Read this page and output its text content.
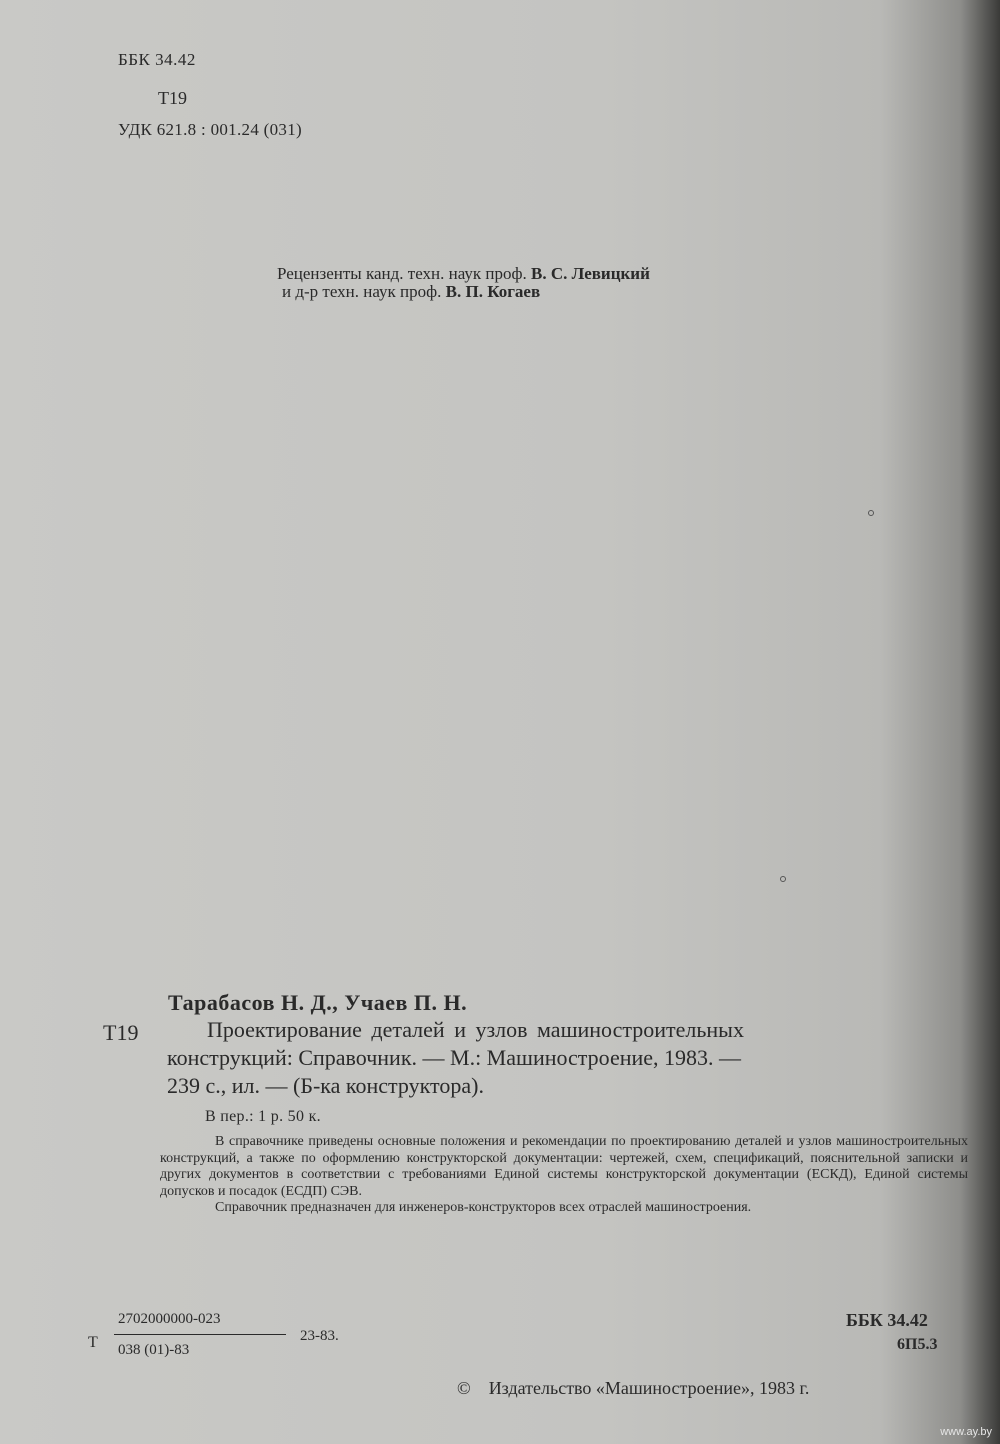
ББК 34.42
Т19
УДК 621.8 : 001.24 (031)
Рецензенты канд. техн. наук проф. В. С. Левицкий
и д-р техн. наук проф. В. П. Когаев
Тарабасов Н. Д., Учаев П. Н.
Т19	Проектирование деталей и узлов машиностроительных
конструкций: Справочник. — М.: Машиностроение, 1983. —
239 с., ил. — (Б-ка конструктора).
В пер.: 1 р. 50 к.

В справочнике приведены основные положения и рекомендации по проектированию деталей и узлов машиностроительных конструкций, а также по оформлению конструкторской документации: чертежей, схем, спецификаций, пояснительной записки и других документов в соответствии с требованиями Единой системы конструкторской документации (ЕСКД), Единой системы допусков и посадок (ЕСДП) СЭВ.

Справочник предназначен для инженеров-конструкторов всех отраслей машиностроения.

Т
2702000000-023
038 (01)-83
23-83.
ББК 34.42
6П5.3
© Издательство «Машиностроение», 1983 г.
www.ay.by
